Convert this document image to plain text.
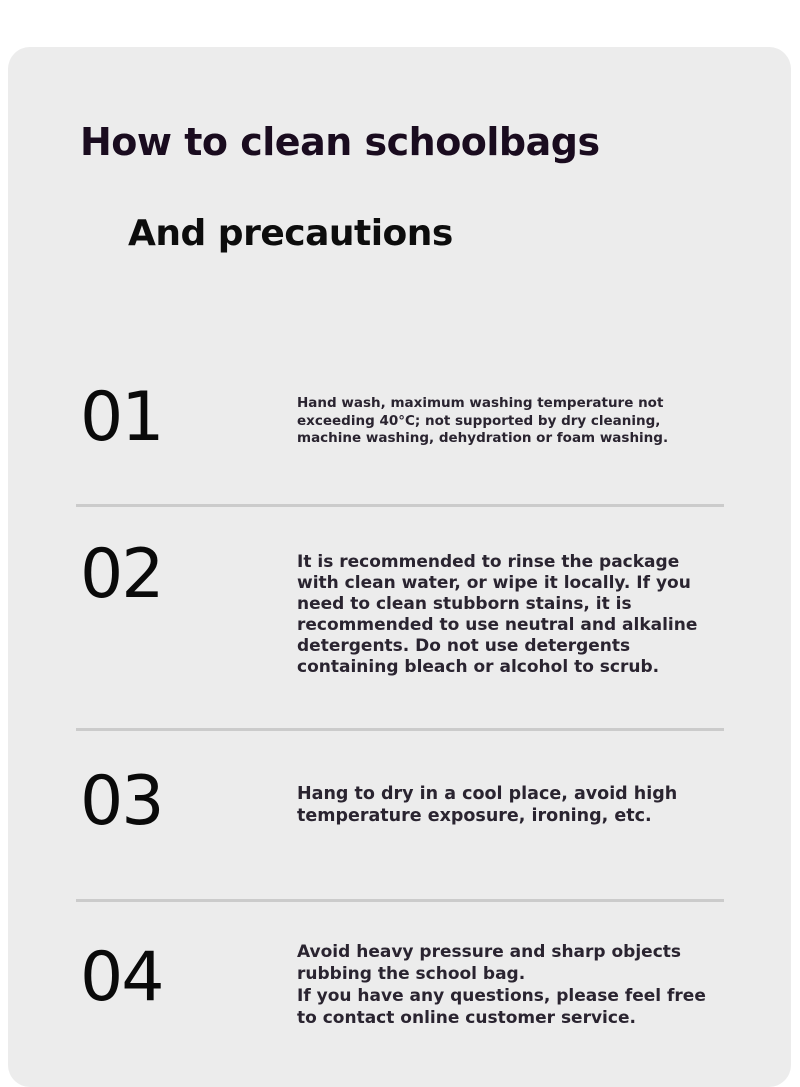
How to clean schoolbags
And precautions
01	Hand wash, maximum washing temperature not exceeding 40°C; not supported by dry cleaning, machine washing, dehydration or foam washing.
02	It is recommended to rinse the package with clean water, or wipe it locally. If you need to clean stubborn stains, it is recommended to use neutral and alkaline detergents. Do not use detergents containing bleach or alcohol to scrub.
03	Hang to dry in a cool place, avoid high temperature exposure, ironing, etc.
04	Avoid heavy pressure and sharp objects rubbing the school bag.

If you have any questions, please feel free to contact online customer service.
